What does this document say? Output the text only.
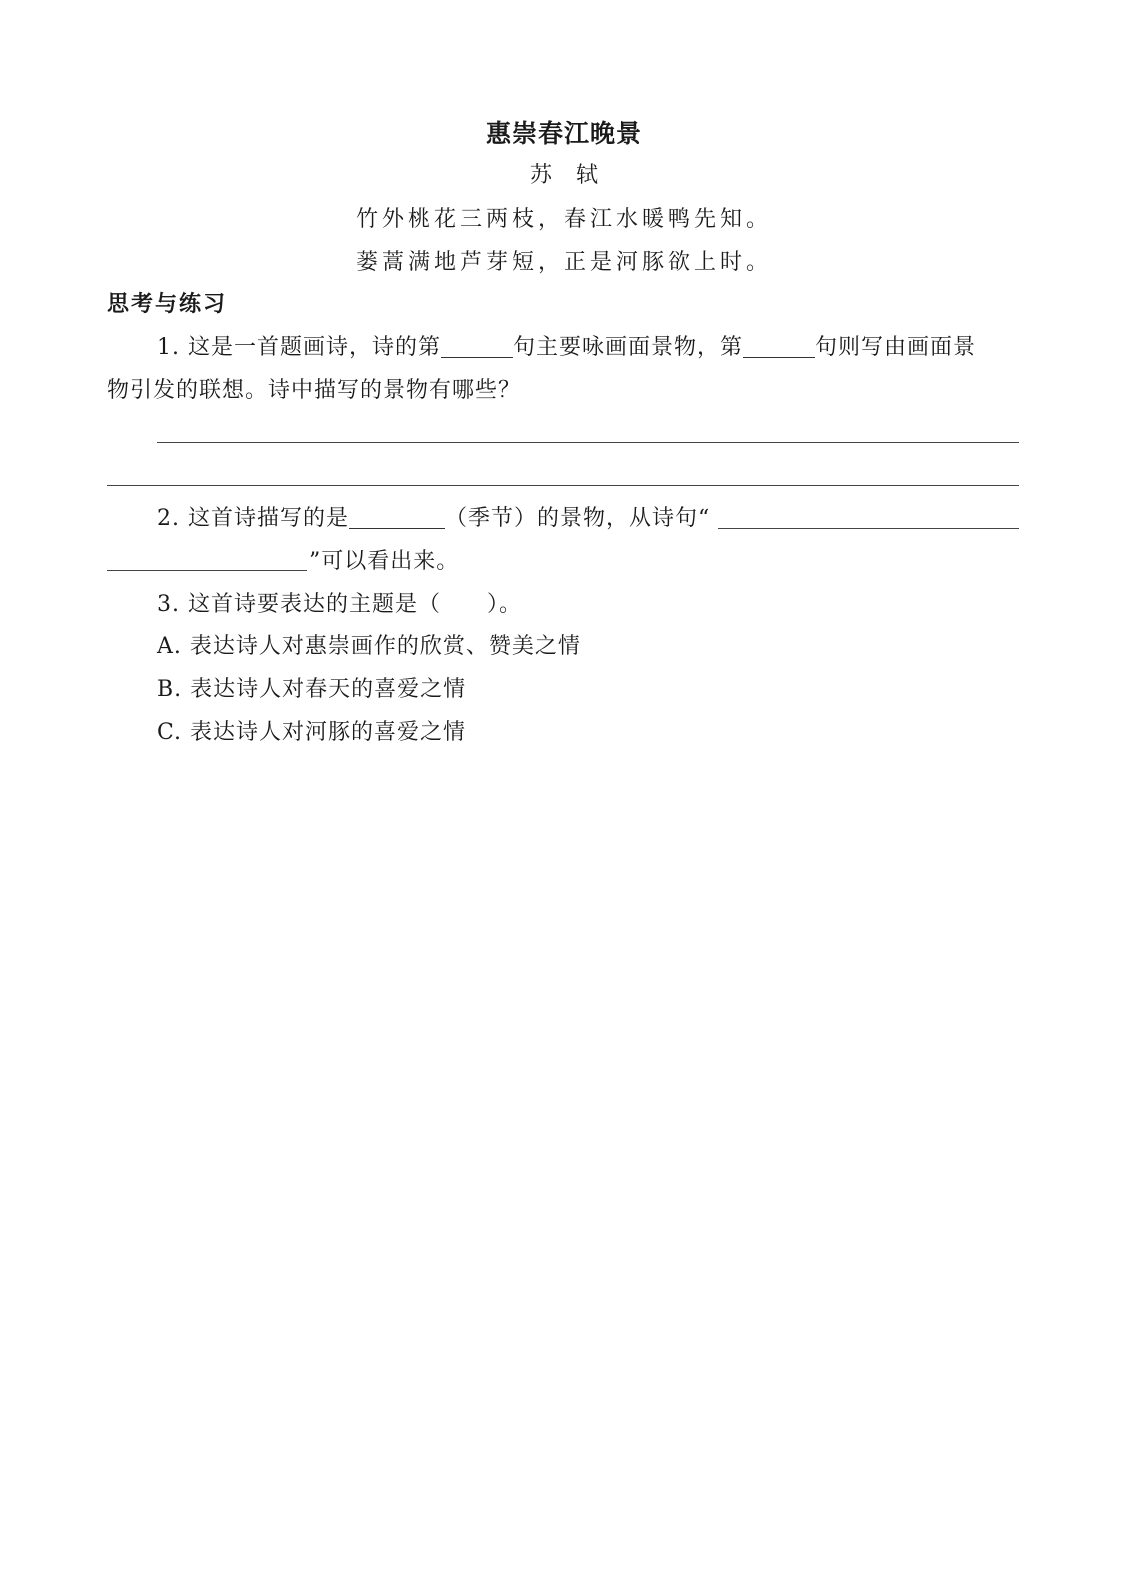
惠崇春江晚景
苏轼
竹外桃花三两枝，春江水暖鸭先知。
蒌蒿满地芦芽短，正是河豚欲上时。
思考与练习
1. 这是一首题画诗，诗的第	句主要咏画面景物，第	句则写由画面景
物引发的联想。诗中描写的景物有哪些？
2. 这首诗描写的是	（季节）的景物，从诗句“
”可以看出来。
3. 这首诗要表达的主题是（ ）。
A. 表达诗人对惠崇画作的欣赏、赞美之情
B. 表达诗人对春天的喜爱之情
C. 表达诗人对河豚的喜爱之情
